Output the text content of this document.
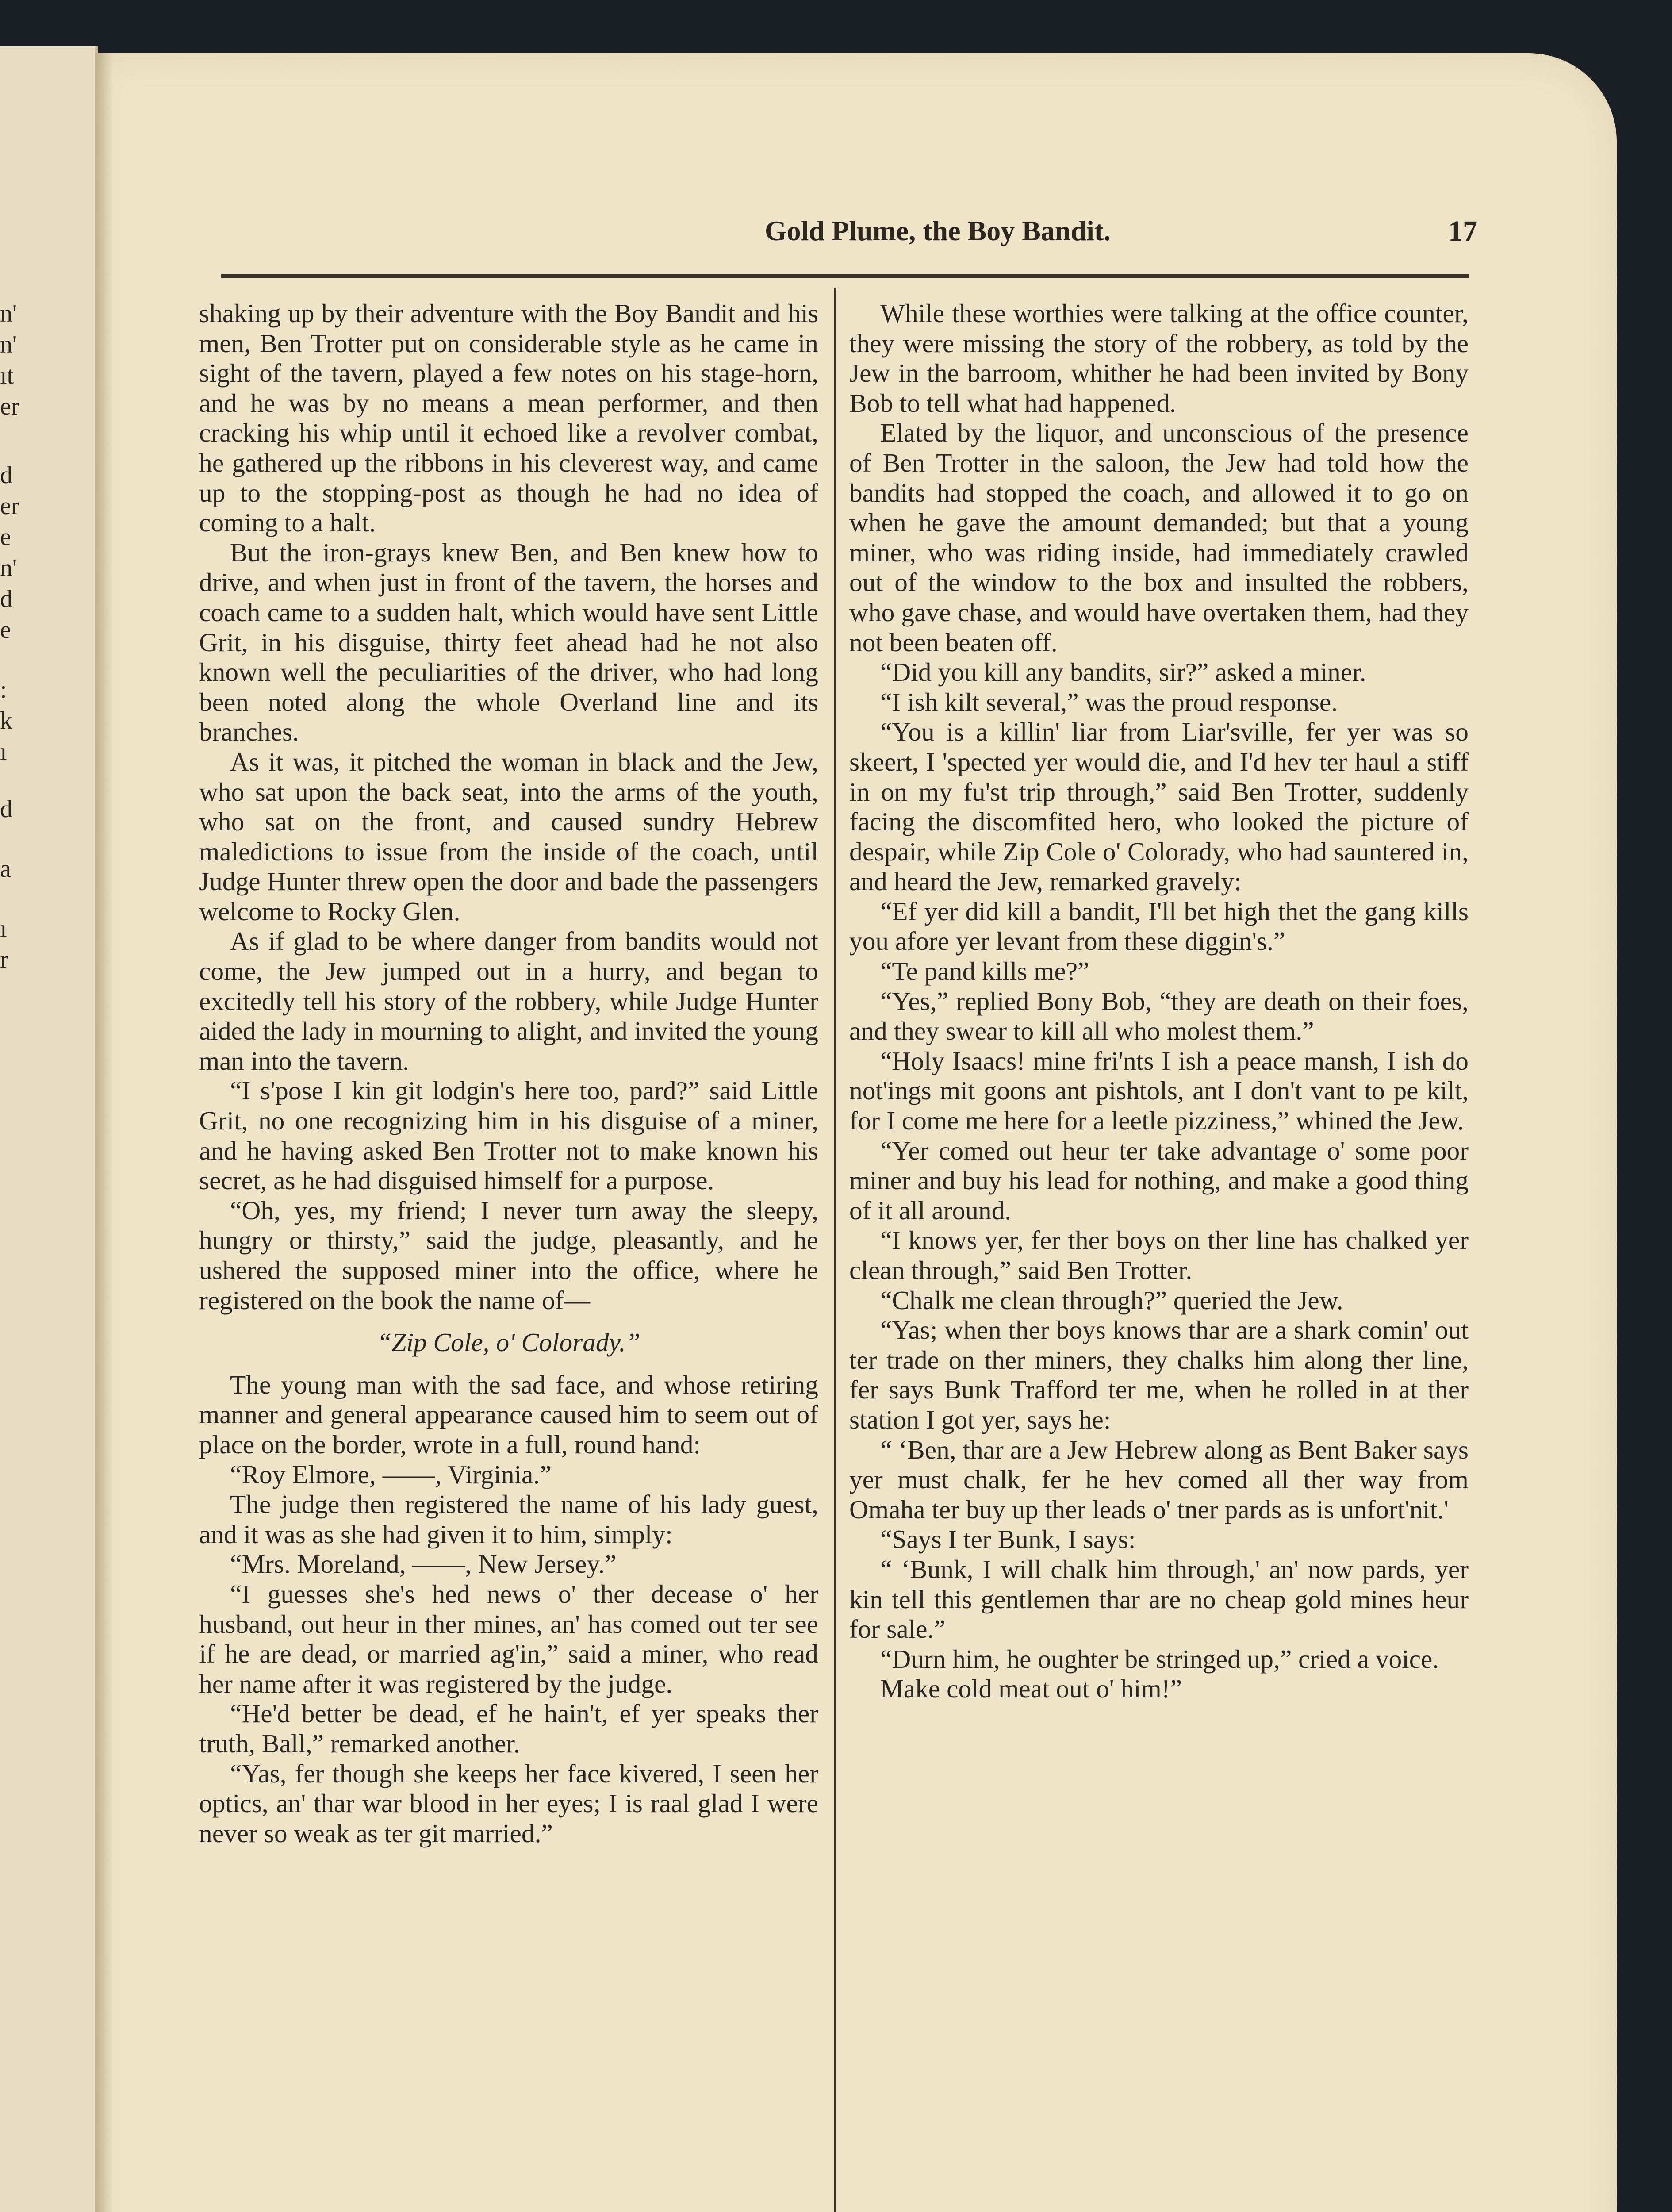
n'
n'
ıt
er
d
er
e
n'
d
e
:
k
ı
d
a
ı
r
Gold Plume, the Boy Bandit.	17

shaking up by their adventure with the Boy Bandit and his men, Ben Trotter put on considerable style as he came in sight of the tavern, played a few notes on his stage-horn, and he was by no means a mean performer, and then cracking his whip until it echoed like a revolver combat, he gathered up the ribbons in his cleverest way, and came up to the stopping-post as though he had no idea of coming to a halt.

But the iron-grays knew Ben, and Ben knew how to drive, and when just in front of the tavern, the horses and coach came to a sudden halt, which would have sent Little Grit, in his disguise, thirty feet ahead had he not also known well the peculiarities of the driver, who had long been noted along the whole Overland line and its branches.

As it was, it pitched the woman in black and the Jew, who sat upon the back seat, into the arms of the youth, who sat on the front, and caused sundry Hebrew maledictions to issue from the inside of the coach, until Judge Hunter threw open the door and bade the passengers welcome to Rocky Glen.

As if glad to be where danger from bandits would not come, the Jew jumped out in a hurry, and began to excitedly tell his story of the robbery, while Judge Hunter aided the lady in mourning to alight, and invited the young man into the tavern.

“I s'pose I kin git lodgin's here too, pard?” said Little Grit, no one recognizing him in his disguise of a miner, and he having asked Ben Trotter not to make known his secret, as he had disguised himself for a purpose.

“Oh, yes, my friend; I never turn away the sleepy, hungry or thirsty,” said the judge, pleasantly, and he ushered the supposed miner into the office, where he registered on the book the name of—

“Zip Cole, o' Colorady.”

The young man with the sad face, and whose retiring manner and general appearance caused him to seem out of place on the border, wrote in a full, round hand:

“Roy Elmore, ——, Virginia.”

The judge then registered the name of his lady guest, and it was as she had given it to him, simply:

“Mrs. Moreland, ——, New Jersey.”

“I guesses she's hed news o' ther decease o' her husband, out heur in ther mines, an' has comed out ter see if he are dead, or married ag'in,” said a miner, who read her name after it was registered by the judge.

“He'd better be dead, ef he hain't, ef yer speaks ther truth, Ball,” remarked another.

“Yas, fer though she keeps her face kivered, I seen her optics, an' thar war blood in her eyes; I is raal glad I were never so weak as ter git married.”

While these worthies were talking at the office counter, they were missing the story of the robbery, as told by the Jew in the barroom, whither he had been invited by Bony Bob to tell what had happened.

Elated by the liquor, and unconscious of the presence of Ben Trotter in the saloon, the Jew had told how the bandits had stopped the coach, and allowed it to go on when he gave the amount demanded; but that a young miner, who was riding inside, had immediately crawled out of the window to the box and insulted the robbers, who gave chase, and would have overtaken them, had they not been beaten off.

“Did you kill any bandits, sir?” asked a miner.

“I ish kilt several,” was the proud response.

“You is a killin' liar from Liar'sville, fer yer was so skeert, I 'spected yer would die, and I'd hev ter haul a stiff in on my fu'st trip through,” said Ben Trotter, suddenly facing the discomfited hero, who looked the picture of despair, while Zip Cole o' Colorady, who had sauntered in, and heard the Jew, remarked gravely:

“Ef yer did kill a bandit, I'll bet high thet the gang kills you afore yer levant from these diggin's.”

“Te pand kills me?”

“Yes,” replied Bony Bob, “they are death on their foes, and they swear to kill all who molest them.”

“Holy Isaacs! mine fri'nts I ish a peace mansh, I ish do not'ings mit goons ant pishtols, ant I don't vant to pe kilt, for I come me here for a leetle pizziness,” whined the Jew.

“Yer comed out heur ter take advantage o' some poor miner and buy his lead for nothing, and make a good thing of it all around.

“I knows yer, fer ther boys on ther line has chalked yer clean through,” said Ben Trotter.

“Chalk me clean through?” queried the Jew.

“Yas; when ther boys knows thar are a shark comin' out ter trade on ther miners, they chalks him along ther line, fer says Bunk Trafford ter me, when he rolled in at ther station I got yer, says he:

“ ‘Ben, thar are a Jew Hebrew along as Bent Baker says yer must chalk, fer he hev comed all ther way from Omaha ter buy up ther leads o' tner pards as is unfort'nit.'

“Says I ter Bunk, I says:

“ ‘Bunk, I will chalk him through,' an' now pards, yer kin tell this gentlemen thar are no cheap gold mines heur for sale.”

“Durn him, he oughter be stringed up,” cried a voice.

Make cold meat out o' him!”
